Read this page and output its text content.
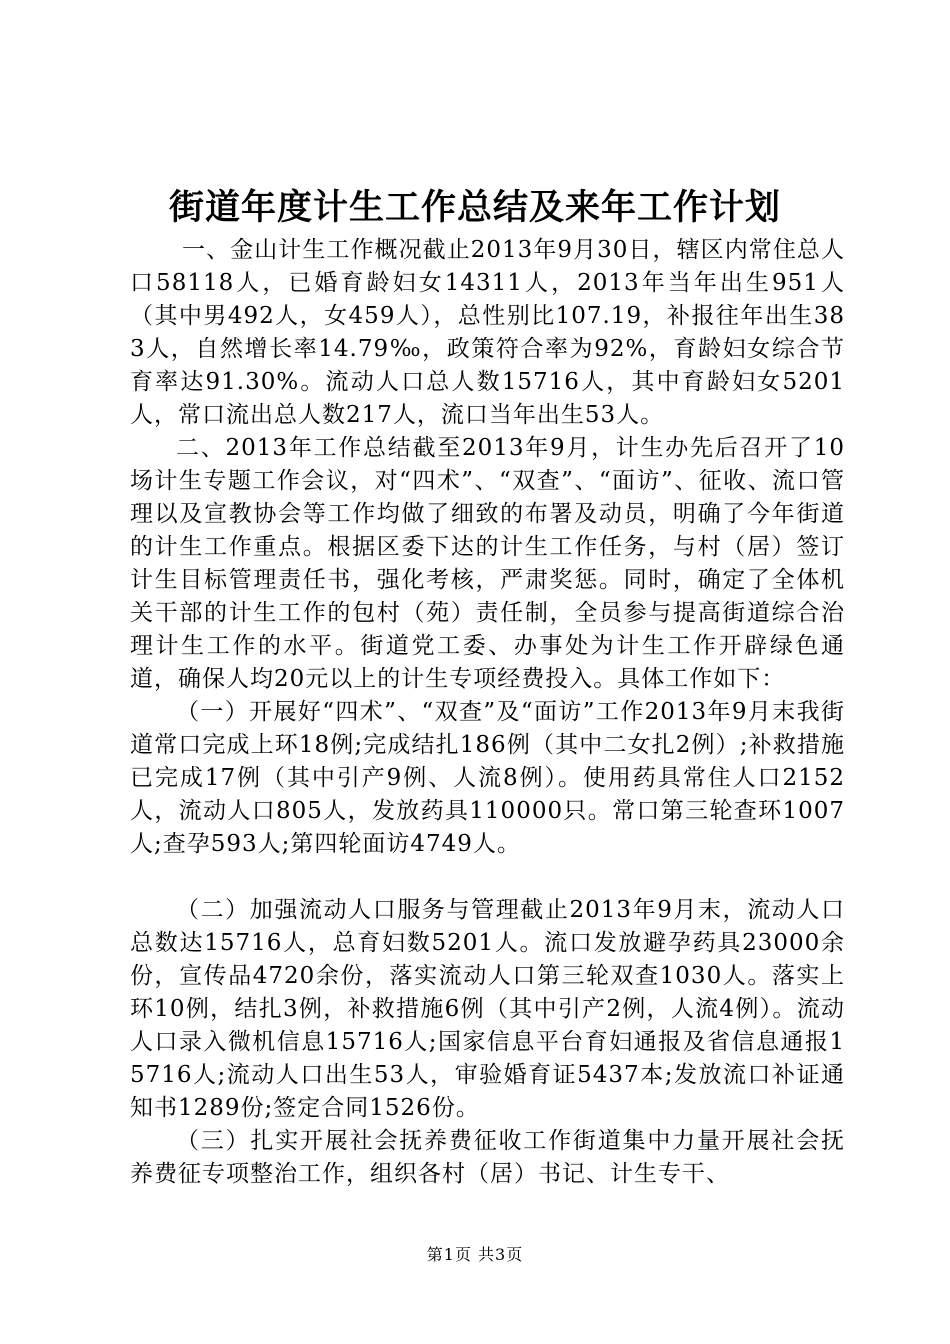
街道年度计生工作总结及来年工作计划

一、金山计生工作概况截止2013年9月30日，辖区内常住总人口58118人，已婚育龄妇女14311人，2013年当年出生951人（其中男492人，女459人），总性别比107.19，补报往年出生383人，自然增长率14.79‰，政策符合率为92%，育龄妇女综合节育率达91.30%。流动人口总人数15716人，其中育龄妇女5201人，常口流出总人数217人，流口当年出生53人。

二、2013年工作总结截至2013年9月，计生办先后召开了10场计生专题工作会议，对“四术”、“双查”、“面访”、征收、流口管理以及宣教协会等工作均做了细致的布署及动员，明确了今年街道的计生工作重点。根据区委下达的计生工作任务，与村（居）签订计生目标管理责任书，强化考核，严肃奖惩。同时，确定了全体机关干部的计生工作的包村（苑）责任制，全员参与提高街道综合治理计生工作的水平。街道党工委、办事处为计生工作开辟绿色通道，确保人均20元以上的计生专项经费投入。具体工作如下：

（一）开展好“四术”、“双查”及“面访”工作2013年9月末我街道常口完成上环18例;完成结扎186例（其中二女扎2例）;补救措施已完成17例（其中引产9例、人流8例）。使用药具常住人口2152人，流动人口805人，发放药具110000只。常口第三轮查环1007人;查孕593人;第四轮面访4749人。

（二）加强流动人口服务与管理截止2013年9月末，流动人口总数达15716人，总育妇数5201人。流口发放避孕药具23000余份，宣传品4720余份，落实流动人口第三轮双查1030人。落实上环10例，结扎3例，补救措施6例（其中引产2例，人流4例）。流动人口录入微机信息15716人;国家信息平台育妇通报及省信息通报15716人;流动人口出生53人，审验婚育证5437本;发放流口补证通知书1289份;签定合同1526份。

（三）扎实开展社会抚养费征收工作街道集中力量开展社会抚养费征专项整治工作，组织各村（居）书记、计生专干、

第1页 共3页
